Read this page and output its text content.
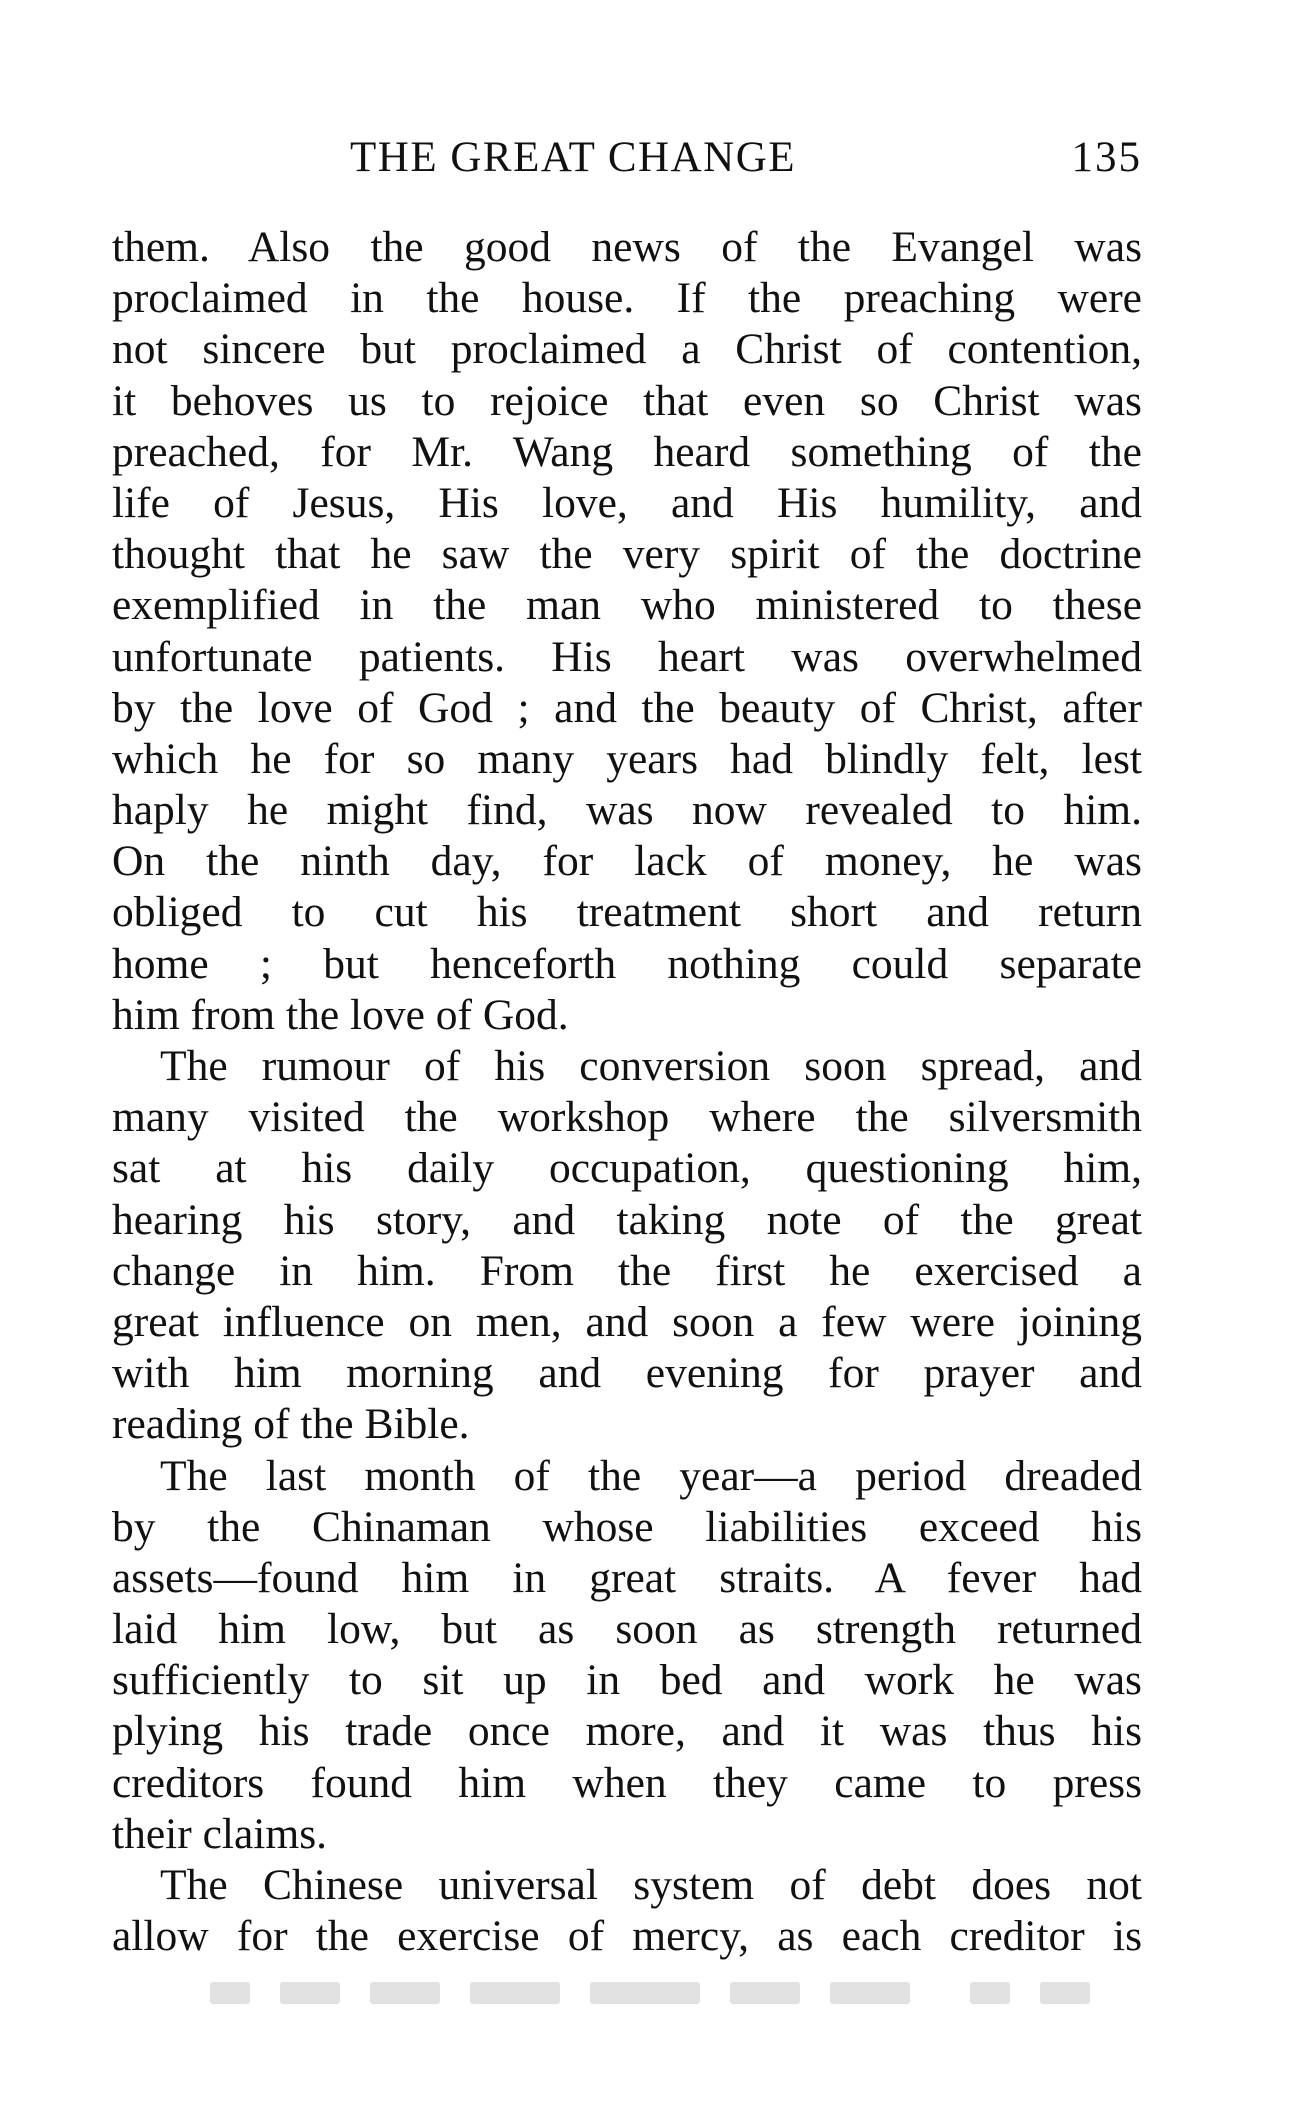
THE GREAT CHANGE	135
them. Also the good news of the Evangel was
proclaimed in the house. If the preaching were
not sincere but proclaimed a Christ of contention,
it behoves us to rejoice that even so Christ was
preached, for Mr. Wang heard something of the
life of Jesus, His love, and His humility, and
thought that he saw the very spirit of the doctrine
exemplified in the man who ministered to these
unfortunate patients. His heart was overwhelmed
by the love of God ; and the beauty of Christ, after
which he for so many years had blindly felt, lest
haply he might find, was now revealed to him.
On the ninth day, for lack of money, he was
obliged to cut his treatment short and return
home ; but henceforth nothing could separate
him from the love of God.
The rumour of his conversion soon spread, and
many visited the workshop where the silversmith
sat at his daily occupation, questioning him,
hearing his story, and taking note of the great
change in him. From the first he exercised a
great influence on men, and soon a few were joining
with him morning and evening for prayer and
reading of the Bible.
The last month of the year—a period dreaded
by the Chinaman whose liabilities exceed his
assets—found him in great straits. A fever had
laid him low, but as soon as strength returned
sufficiently to sit up in bed and work he was
plying his trade once more, and it was thus his
creditors found him when they came to press
their claims.
The Chinese universal system of debt does not
allow for the exercise of mercy, as each creditor is
